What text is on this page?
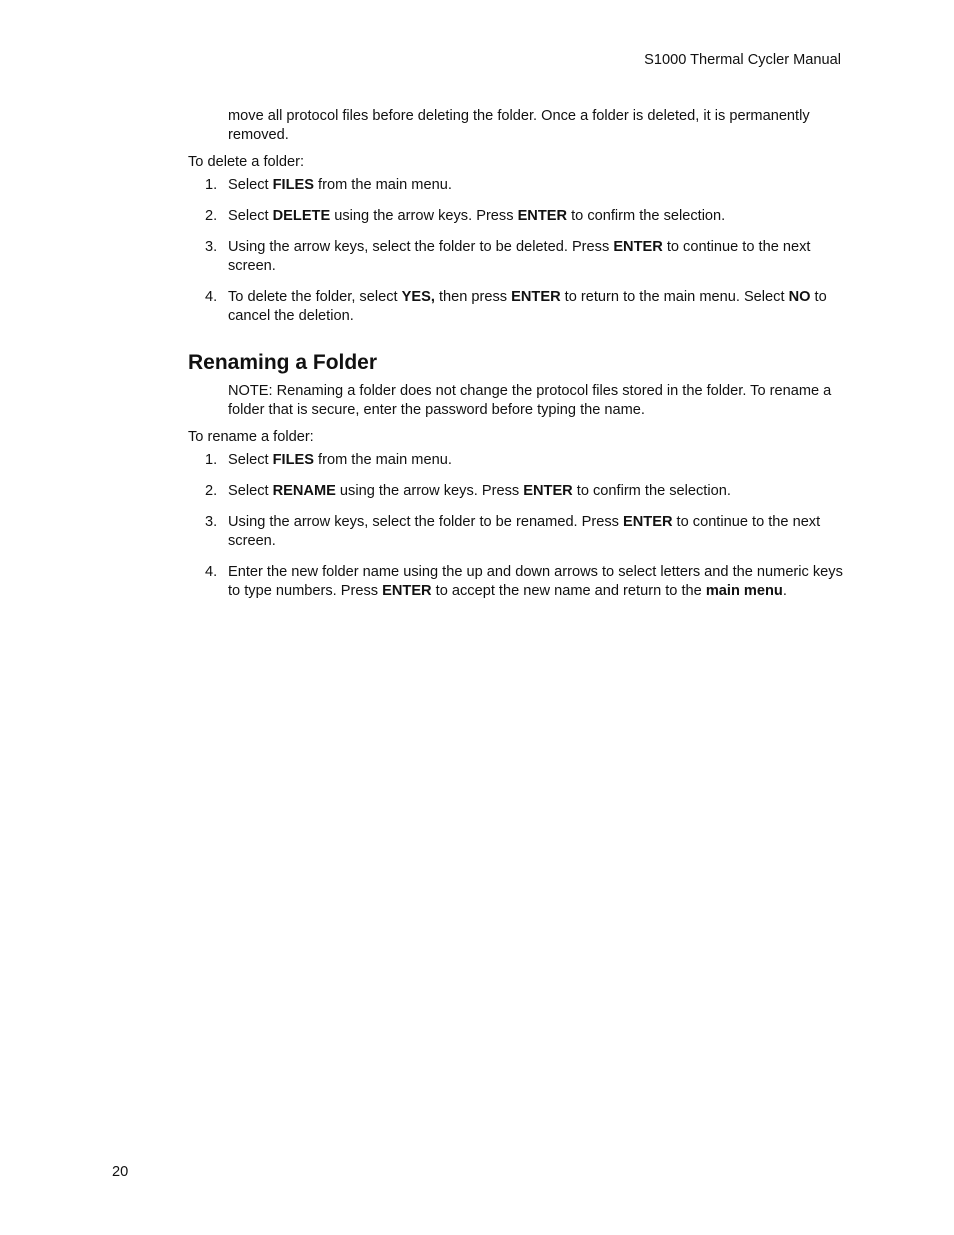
S1000 Thermal Cycler Manual

move all protocol files before deleting the folder. Once a folder is deleted, it is permanently removed.

To delete a folder:

1. Select FILES from the main menu.
2. Select DELETE using the arrow keys. Press ENTER to confirm the selection.
3. Using the arrow keys, select the folder to be deleted. Press ENTER to continue to the next screen.
4. To delete the folder, select YES, then press ENTER to return to the main menu. Select NO to cancel the deletion.
Renaming a Folder

NOTE: Renaming a folder does not change the protocol files stored in the folder. To rename a folder that is secure, enter the password before typing the name.

To rename a folder:

1. Select FILES from the main menu.
2. Select RENAME using the arrow keys. Press ENTER to confirm the selection.
3. Using the arrow keys, select the folder to be renamed. Press ENTER to continue to the next screen.
4. Enter the new folder name using the up and down arrows to select letters and the numeric keys to type numbers. Press ENTER to accept the new name and return to the main menu.
20
